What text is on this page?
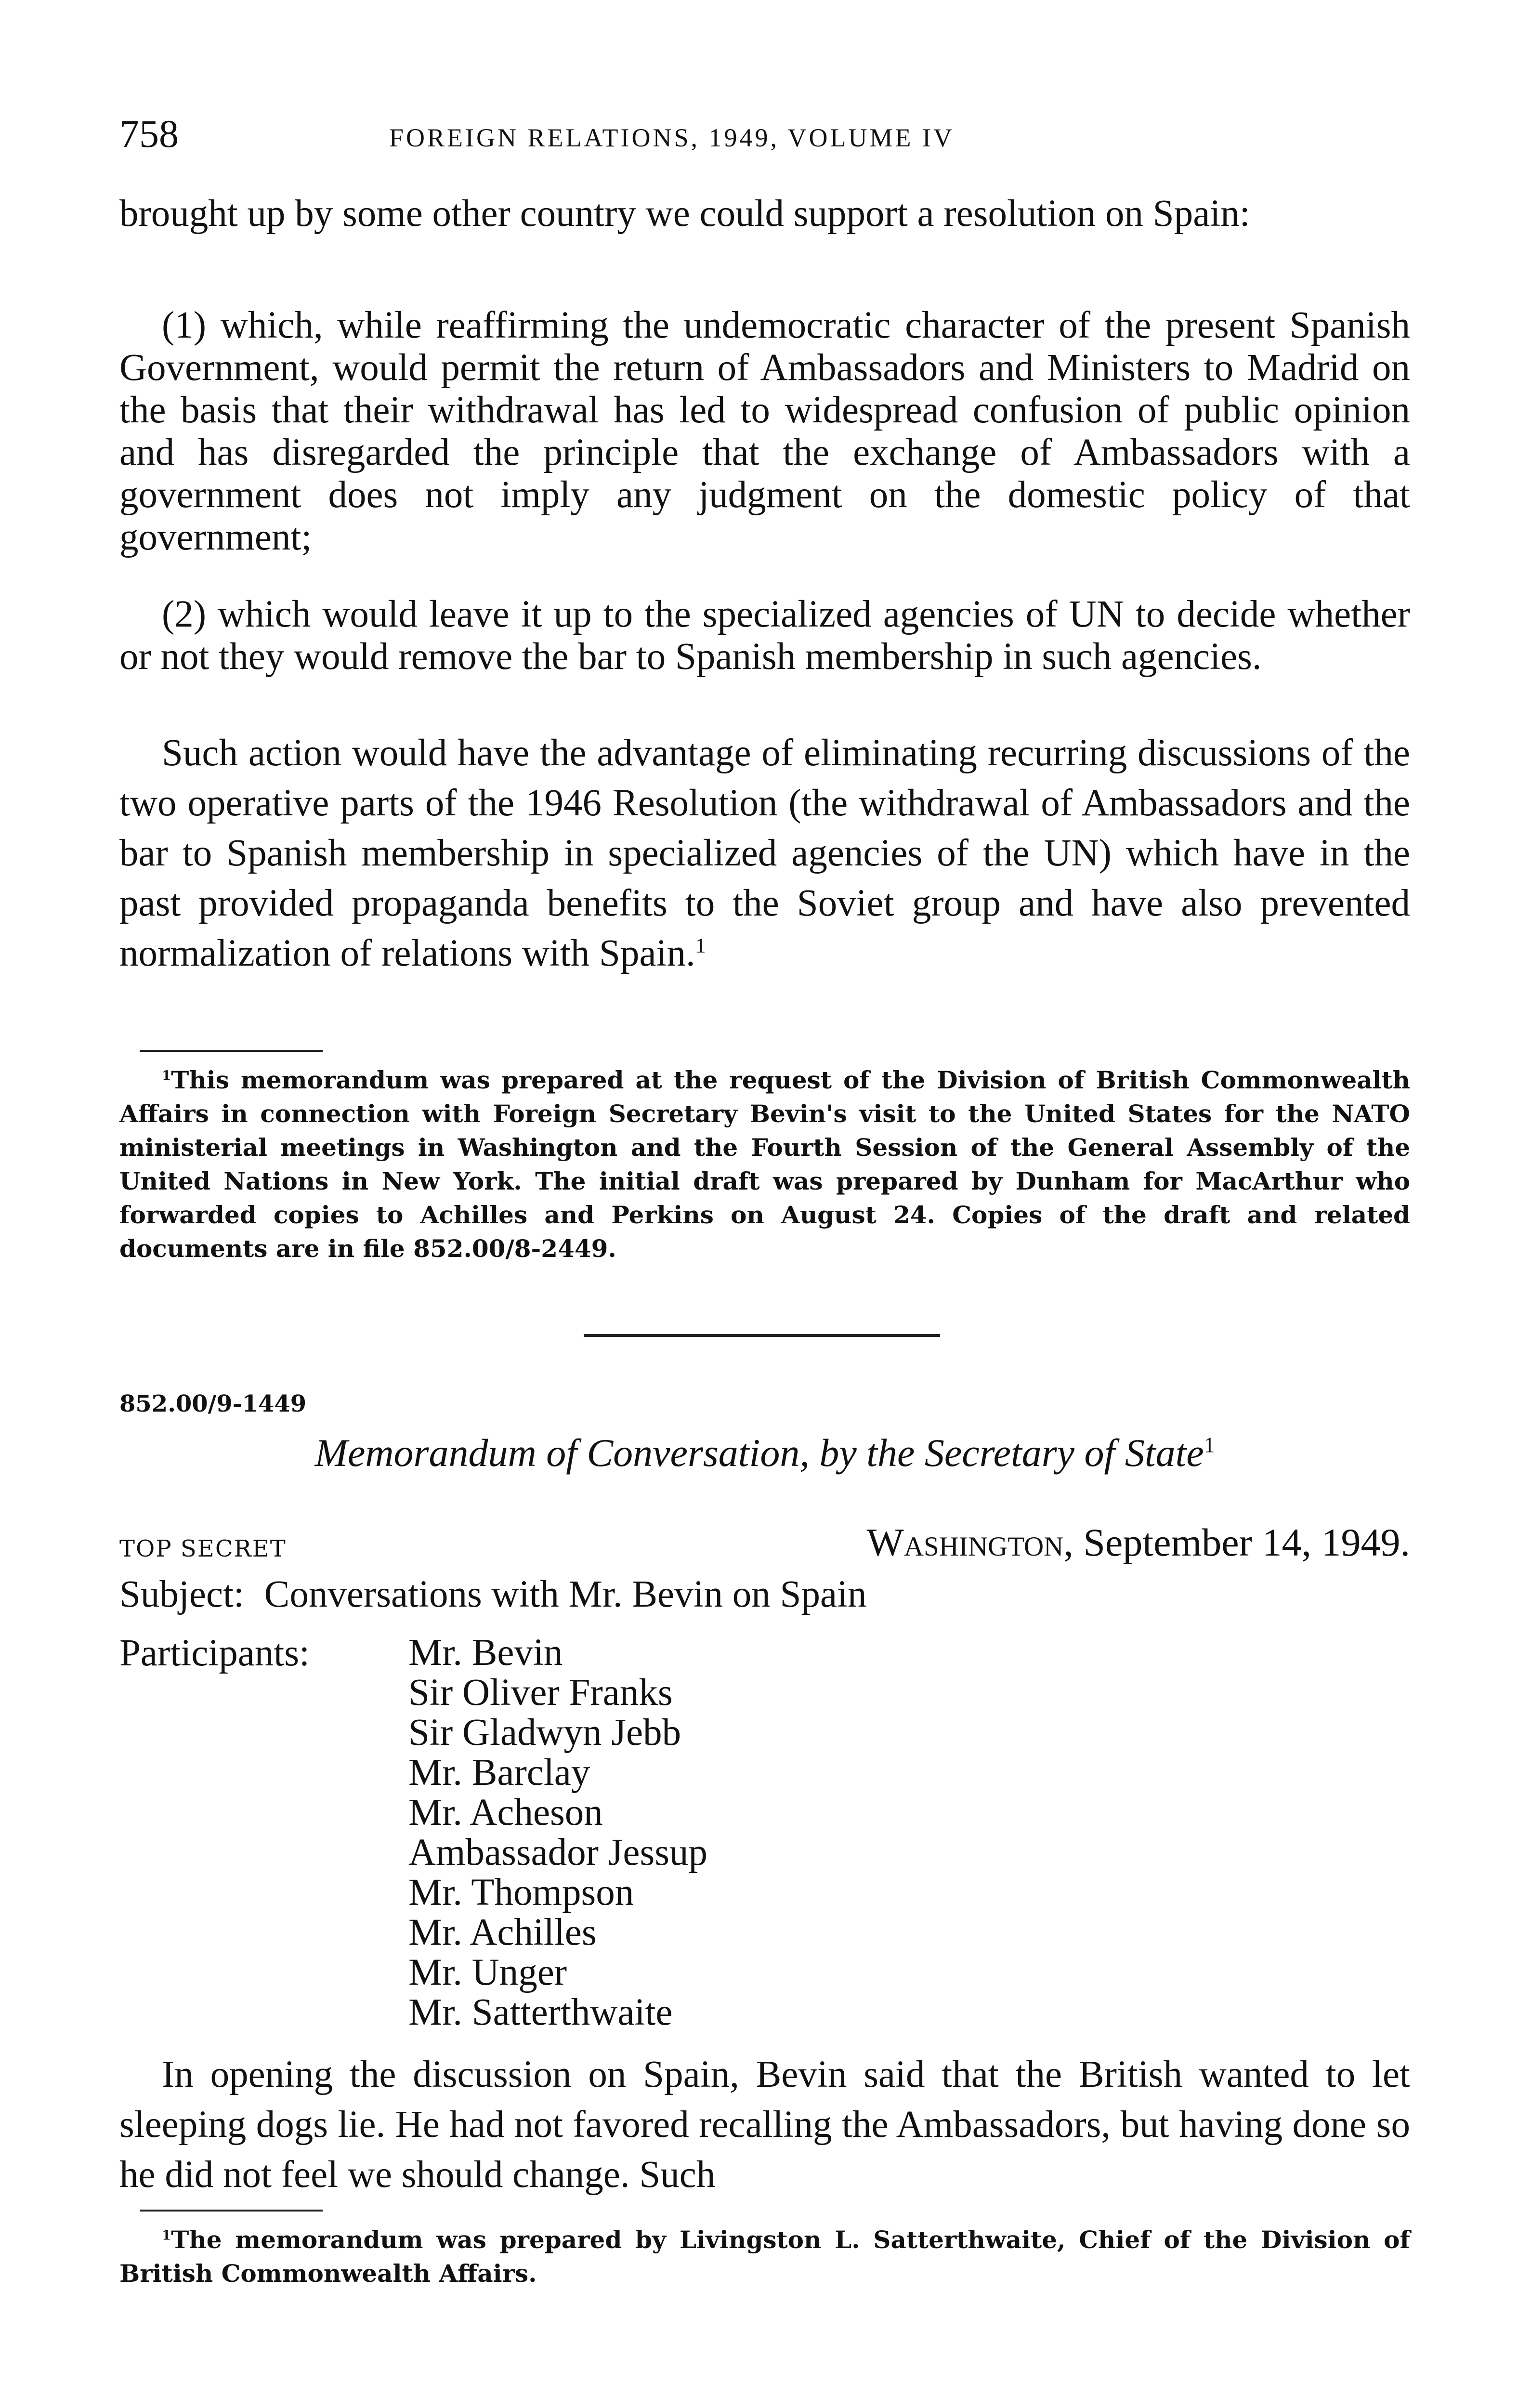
758	FOREIGN RELATIONS, 1949, VOLUME IV

brought up by some other country we could support a resolution on Spain:

(1) which, while reaffirming the undemocratic character of the present Spanish Government, would permit the return of Ambassadors and Ministers to Madrid on the basis that their withdrawal has led to widespread confusion of public opinion and has disregarded the principle that the exchange of Ambassadors with a government does not imply any judgment on the domestic policy of that government;

(2) which would leave it up to the specialized agencies of UN to decide whether or not they would remove the bar to Spanish membership in such agencies.

Such action would have the advantage of eliminating recurring discussions of the two operative parts of the 1946 Resolution (the withdrawal of Ambassadors and the bar to Spanish membership in specialized agencies of the UN) which have in the past provided propaganda benefits to the Soviet group and have also prevented normalization of relations with Spain.$^1$

$^1$This memorandum was prepared at the request of the Division of British Commonwealth Affairs in connection with Foreign Secretary Bevin's visit to the United States for the NATO ministerial meetings in Washington and the Fourth Session of the General Assembly of the United Nations in New York. The initial draft was prepared by Dunham for MacArthur who forwarded copies to Achilles and Perkins on August 24. Copies of the draft and related documents are in file 852.00/8-2449.

852.00/9-1449
Memorandum of Conversation, by the Secretary of State$^1$
TOP SECRET	Washington, September 14, 1949.
Subject: Conversations with Mr. Bevin on Spain
Participants:	Mr. Bevin
Sir Oliver Franks
Sir Gladwyn Jebb
Mr. Barclay
Mr. Acheson
Ambassador Jessup
Mr. Thompson
Mr. Achilles
Mr. Unger
Mr. Satterthwaite

In opening the discussion on Spain, Bevin said that the British wanted to let sleeping dogs lie. He had not favored recalling the Ambassadors, but having done so he did not feel we should change. Such

$^1$The memorandum was prepared by Livingston L. Satterthwaite, Chief of the Division of British Commonwealth Affairs.
